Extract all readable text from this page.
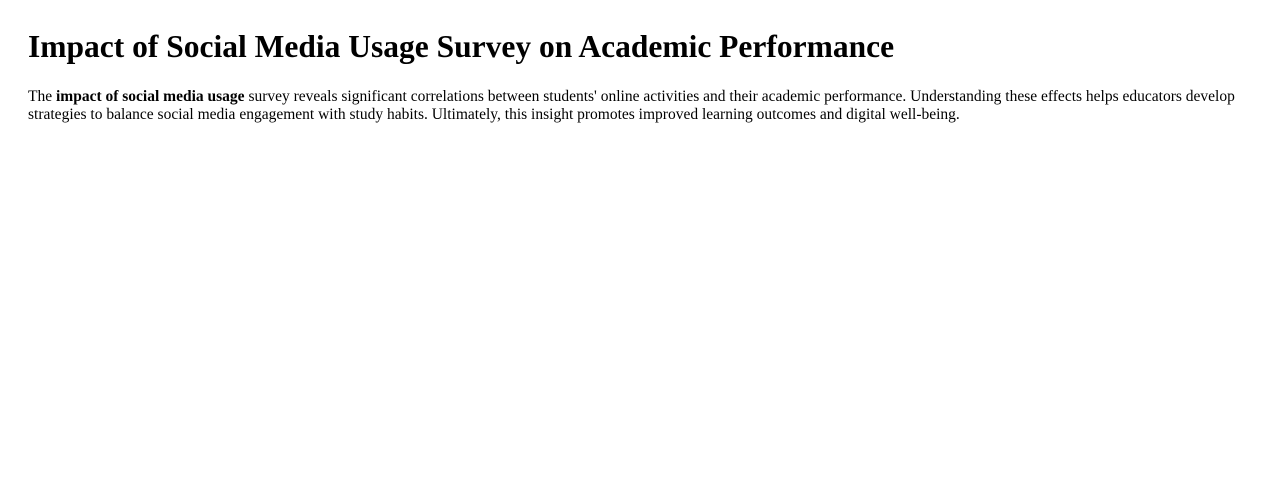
Impact of Social Media Usage Survey on Academic Performance

The impact of social media usage survey reveals significant correlations between students' online activities and their academic performance. Understanding these effects helps educators develop strategies to balance social media engagement with study habits. Ultimately, this insight promotes improved learning outcomes and digital well-being.
